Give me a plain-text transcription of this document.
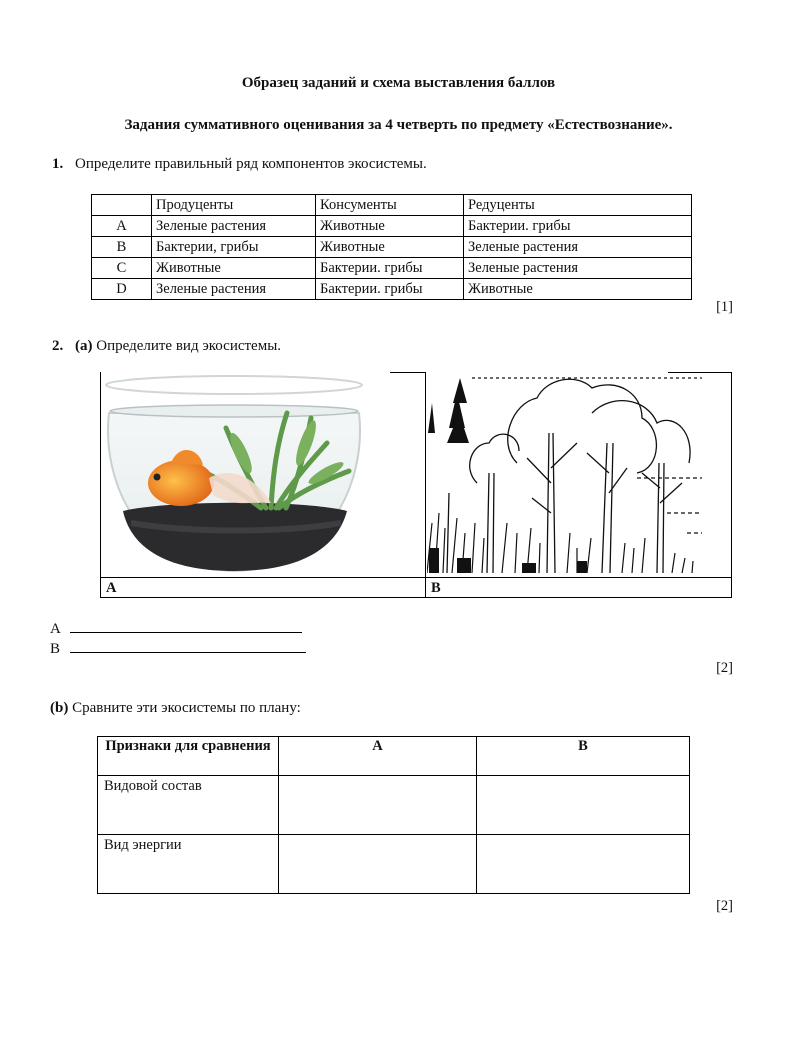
Образец заданий и схема выставления баллов
Задания суммативного оценивания за 4 четверть по предмету «Естествознание».
1. Определите правильный ряд компонентов экосистемы.
	Продуценты	Консументы	Редуценты
A	Зеленые растения	Животные	Бактерии. грибы
B	Бактерии, грибы	Животные	Зеленые растения
C	Животные	Бактерии. грибы	Зеленые растения
D	Зеленые растения	Бактерии. грибы	Животные
[1]
2. (a) Определите вид экосистемы.
A	B
A
B
[2]
(b) Сравните эти экосистемы по плану:
Признаки для сравнения	A	B
Видовой состав		
Вид энергии		
[2]
